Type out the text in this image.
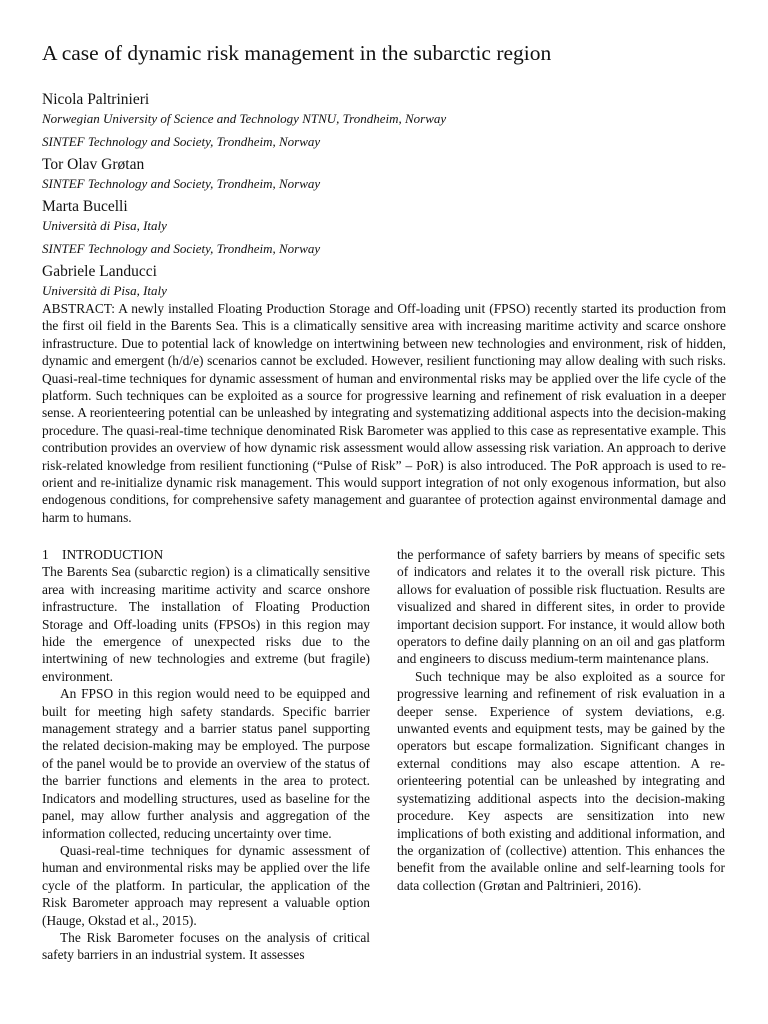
A case of dynamic risk management in the subarctic region
Nicola Paltrinieri
Norwegian University of Science and Technology NTNU, Trondheim, Norway
SINTEF Technology and Society, Trondheim, Norway
Tor Olav Grøtan
SINTEF Technology and Society, Trondheim, Norway
Marta Bucelli
Università di Pisa, Italy
SINTEF Technology and Society, Trondheim, Norway
Gabriele Landucci
Università di Pisa, Italy

ABSTRACT: A newly installed Floating Production Storage and Off-loading unit (FPSO) recently started its production from the first oil field in the Barents Sea. This is a climatically sensitive area with increasing maritime activity and scarce onshore infrastructure. Due to potential lack of knowledge on intertwining between new technologies and environment, risk of hidden, dynamic and emergent (h/d/e) scenarios cannot be excluded. However, resilient functioning may allow dealing with such risks. Quasi-real-time techniques for dynamic assessment of human and environmental risks may be applied over the life cycle of the platform. Such techniques can be exploited as a source for progressive learning and refinement of risk evaluation in a deeper sense. A reorienteering potential can be unleashed by integrating and systematizing additional aspects into the decision-making procedure. The quasi-real-time technique denominated Risk Barometer was applied to this case as representative example. This contribution provides an overview of how dynamic risk assessment would allow assessing risk variation. An approach to derive risk-related knowledge from resilient functioning (“Pulse of Risk” – PoR) is also introduced. The PoR approach is used to re-orient and re-initialize dynamic risk management. This would support integration of not only exogenous information, but also endogenous conditions, for comprehensive safety management and guarantee of protection against environmental damage and harm to humans.

1 INTRODUCTION

The Barents Sea (subarctic region) is a climatically sensitive area with increasing maritime activity and scarce onshore infrastructure. The installation of Floating Production Storage and Off-loading units (FPSOs) in this region may hide the emergence of unexpected risks due to the intertwining of new technologies and extreme (but fragile) environment.

An FPSO in this region would need to be equipped and built for meeting high safety standards. Specific barrier management strategy and a barrier status panel supporting the related decision-making may be employed. The purpose of the panel would be to provide an overview of the status of the barrier functions and elements in the area to protect. Indicators and modelling structures, used as baseline for the panel, may allow further analysis and aggregation of the information collected, reducing uncertainty over time.

Quasi-real-time techniques for dynamic assessment of human and environmental risks may be applied over the life cycle of the platform. In particular, the application of the Risk Barometer approach may represent a valuable option (Hauge, Okstad et al., 2015).

The Risk Barometer focuses on the analysis of critical safety barriers in an industrial system. It assesses

the performance of safety barriers by means of specific sets of indicators and relates it to the overall risk picture. This allows for evaluation of possible risk fluctuation. Results are visualized and shared in different sites, in order to provide important decision support. For instance, it would allow both operators to define daily planning on an oil and gas platform and engineers to discuss medium-term maintenance plans.

Such technique may be also exploited as a source for progressive learning and refinement of risk evaluation in a deeper sense. Experience of system deviations, e.g. unwanted events and equipment tests, may be gained by the operators but escape formalization. Significant changes in external conditions may also escape attention. A re-orienteering potential can be unleashed by integrating and systematizing additional aspects into the decision-making procedure. Key aspects are sensitization into new implications of both existing and additional information, and the organization of (collective) attention. This enhances the benefit from the available online and self-learning tools for data collection (Grøtan and Paltrinieri, 2016).
